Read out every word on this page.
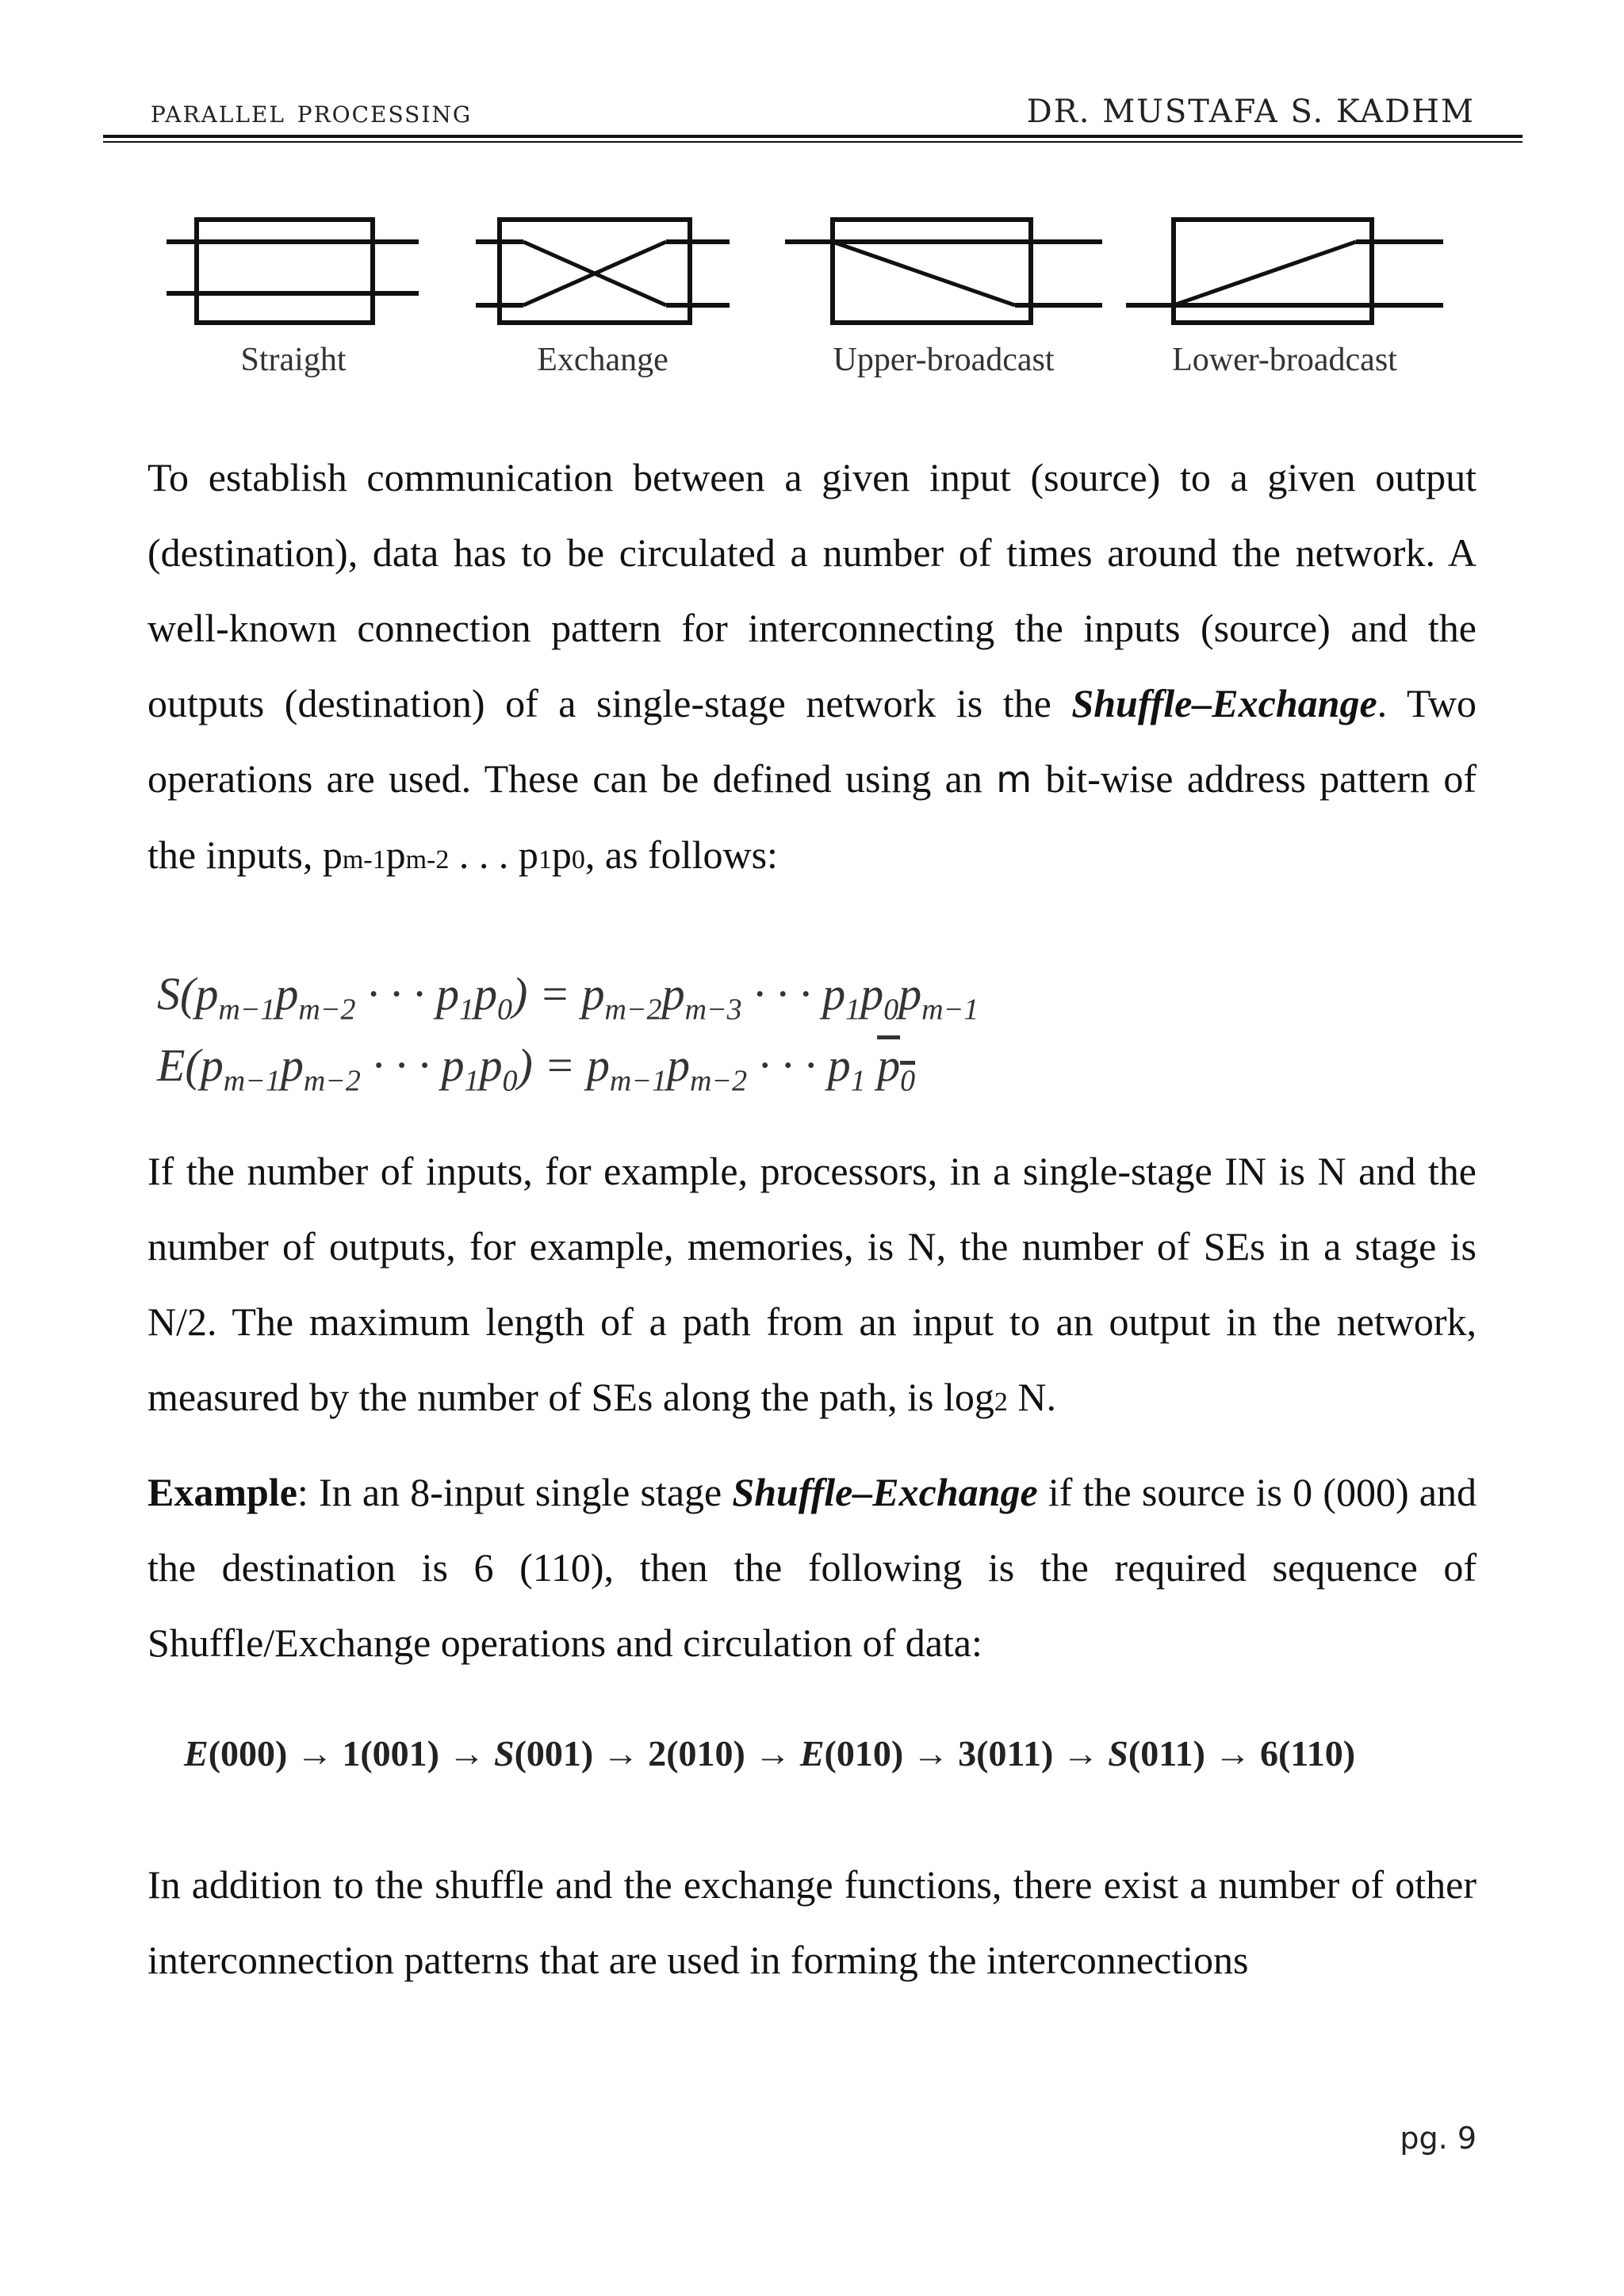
parallel processing	DR. MUSTAFA S. KADHM
Straight	Exchange	Upper-broadcast	Lower-broadcast
To establish communication between a given input (source) to a given output (destination), data has to be circulated a number of times around the network. A well-known connection pattern for interconnecting the inputs (source) and the outputs (destination) of a single-stage network is the Shuffle–Exchange. Two operations are used. These can be defined using an m bit-wise address pattern of the inputs, pm-1pm-2 . . . p1p0, as follows:
$S(p_{m-1}p_{m-2}$ · · · $p_1p_0) = p_{m-2}p_{m-3}$ · · · $p_1p_0p_{m-1}$
$E(p_{m-1}p_{m-2}$ · · · $p_1p_0) = p_{m-1}p_{m-2}$ · · · $p_1$ $p_0$
If the number of inputs, for example, processors, in a single-stage IN is N and the number of outputs, for example, memories, is N, the number of SEs in a stage is N/2. The maximum length of a path from an input to an output in the network, measured by the number of SEs along the path, is log2 N.
Example: In an 8-input single stage Shuffle–Exchange if the source is 0 (000) and the destination is 6 (110), then the following is the required sequence of Shuffle/Exchange operations and circulation of data:
E(000) → 1(001) → S(001) → 2(010) → E(010) → 3(011) → S(011) → 6(110)
In addition to the shuffle and the exchange functions, there exist a number of other interconnection patterns that are used in forming the interconnections
pg. 9
